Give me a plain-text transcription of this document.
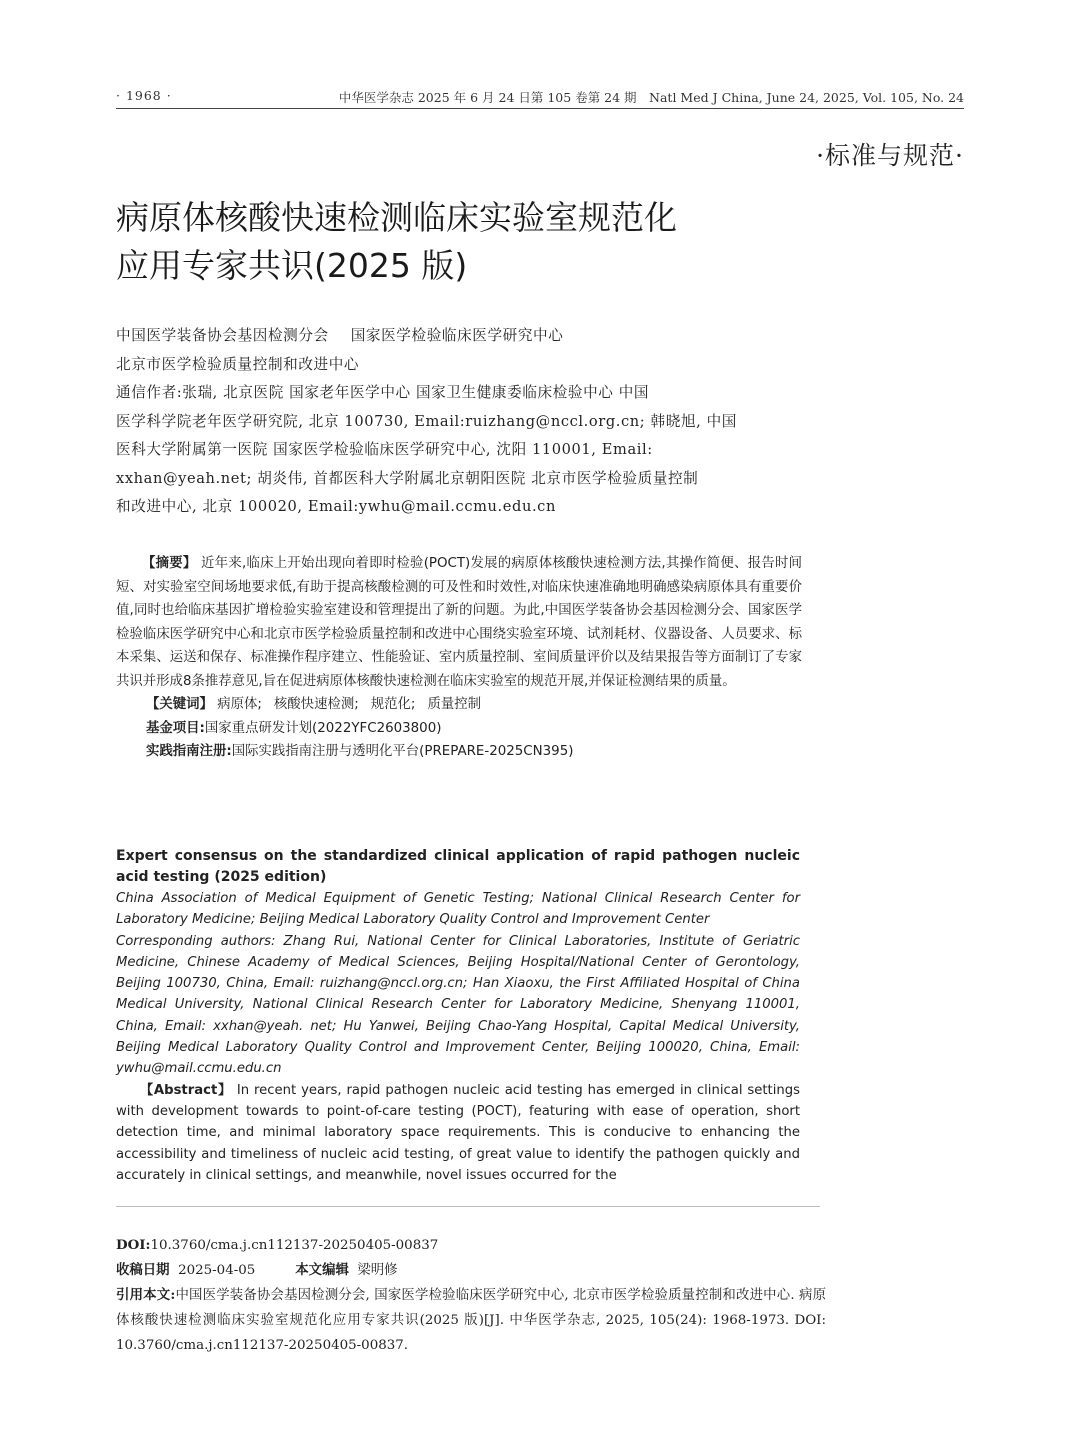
· 1968 ·	中华医学杂志 2025 年 6 月 24 日第 105 卷第 24 期　Natl Med J China, June 24, 2025, Vol. 105, No. 24
·标准与规范·
病原体核酸快速检测临床实验室规范化
应用专家共识(2025 版)
中国医学装备协会基因检测分会 国家医学检验临床医学研究中心
北京市医学检验质量控制和改进中心
通信作者:张瑞, 北京医院 国家老年医学中心 国家卫生健康委临床检验中心 中国
医学科学院老年医学研究院, 北京 100730, Email:ruizhang@nccl.org.cn; 韩晓旭, 中国
医科大学附属第一医院 国家医学检验临床医学研究中心, 沈阳 110001, Email:
xxhan@yeah.net; 胡炎伟, 首都医科大学附属北京朝阳医院 北京市医学检验质量控制
和改进中心, 北京 100020, Email:ywhu@mail.ccmu.edu.cn

【摘要】 近年来,临床上开始出现向着即时检验(POCT)发展的病原体核酸快速检测方法,其操作简便、报告时间短、对实验室空间场地要求低,有助于提高核酸检测的可及性和时效性,对临床快速准确地明确感染病原体具有重要价值,同时也给临床基因扩增检验实验室建设和管理提出了新的问题。为此,中国医学装备协会基因检测分会、国家医学检验临床医学研究中心和北京市医学检验质量控制和改进中心围绕实验室环境、试剂耗材、仪器设备、人员要求、标本采集、运送和保存、标准操作程序建立、性能验证、室内质量控制、室间质量评价以及结果报告等方面制订了专家共识并形成8条推荐意见,旨在促进病原体核酸快速检测在临床实验室的规范开展,并保证检测结果的质量。

【关键词】 病原体; 核酸快速检测; 规范化; 质量控制
基金项目:国家重点研发计划(2022YFC2603800)
实践指南注册:国际实践指南注册与透明化平台(PREPARE-2025CN395)

Expert consensus on the standardized clinical application of rapid pathogen nucleic acid testing (2025 edition)

China Association of Medical Equipment of Genetic Testing; National Clinical Research Center for Laboratory Medicine; Beijing Medical Laboratory Quality Control and Improvement Center

Corresponding authors: Zhang Rui, National Center for Clinical Laboratories, Institute of Geriatric Medicine, Chinese Academy of Medical Sciences, Beijing Hospital/National Center of Gerontology, Beijing 100730, China, Email: ruizhang@nccl.org.cn; Han Xiaoxu, the First Affiliated Hospital of China Medical University, National Clinical Research Center for Laboratory Medicine, Shenyang 110001, China, Email: xxhan@yeah. net; Hu Yanwei, Beijing Chao-Yang Hospital, Capital Medical University, Beijing Medical Laboratory Quality Control and Improvement Center, Beijing 100020, China, Email: ywhu@mail.ccmu.edu.cn

【Abstract】 In recent years, rapid pathogen nucleic acid testing has emerged in clinical settings with development towards to point-of-care testing (POCT), featuring with ease of operation, short detection time, and minimal laboratory space requirements. This is conducive to enhancing the accessibility and timeliness of nucleic acid testing, of great value to identify the pathogen quickly and accurately in clinical settings, and meanwhile, novel issues occurred for the

DOI:10.3760/cma.j.cn112137-20250405-00837

收稿日期 2025-04-05	本文编辑 梁明修

引用本文:中国医学装备协会基因检测分会, 国家医学检验临床医学研究中心, 北京市医学检验质量控制和改进中心. 病原体核酸快速检测临床实验室规范化应用专家共识(2025 版)[J]. 中华医学杂志, 2025, 105(24): 1968-1973. DOI: 10.3760/cma.j.cn112137-20250405-00837.
